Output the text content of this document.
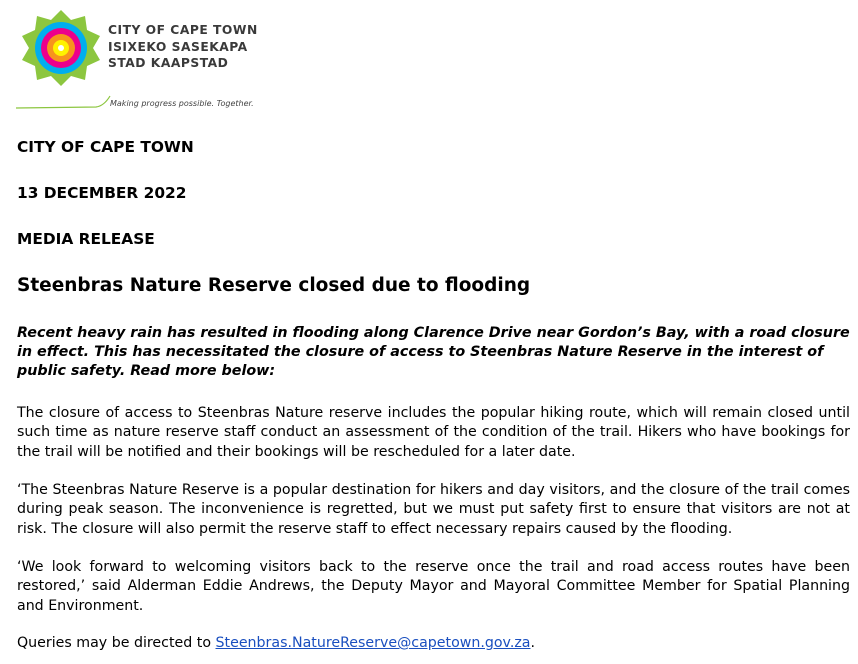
CITY OF CAPE TOWN
ISIXEKO SASEKAPA
STAD KAAPSTAD
Making progress possible. Together.
CITY OF CAPE TOWN
13 DECEMBER 2022
MEDIA RELEASE
Steenbras Nature Reserve closed due to flooding
Recent heavy rain has resulted in flooding along Clarence Drive near Gordon’s Bay, with a road closure in effect. This has necessitated the closure of access to Steenbras Nature Reserve in the interest of public safety. Read more below:
The closure of access to Steenbras Nature reserve includes the popular hiking route, which will remain closed until such time as nature reserve staff conduct an assessment of the condition of the trail. Hikers who have bookings for the trail will be notified and their bookings will be rescheduled for a later date.
‘The Steenbras Nature Reserve is a popular destination for hikers and day visitors, and the closure of the trail comes during peak season. The inconvenience is regretted, but we must put safety first to ensure that visitors are not at risk. The closure will also permit the reserve staff to effect necessary repairs caused by the flooding.
‘We look forward to welcoming visitors back to the reserve once the trail and road access routes have been restored,’ said Alderman Eddie Andrews, the Deputy Mayor and Mayoral Committee Member for Spatial Planning and Environment.
Queries may be directed to Steenbras.NatureReserve@capetown.gov.za.
